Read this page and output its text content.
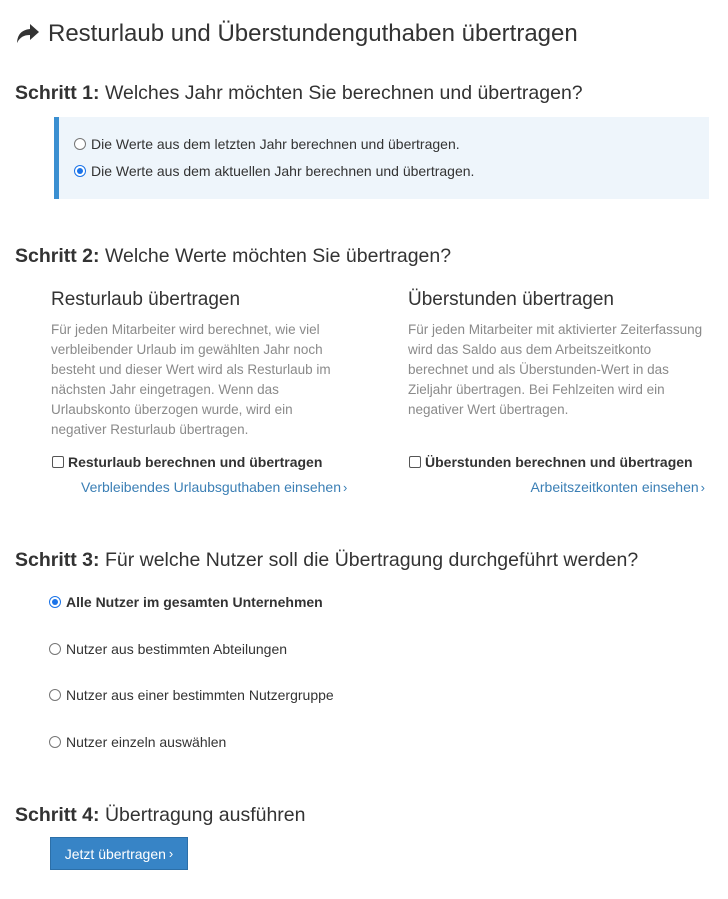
Resturlaub und Überstundenguthaben übertragen
Schritt 1: Welches Jahr möchten Sie berechnen und übertragen?
Die Werte aus dem letzten Jahr berechnen und übertragen.
Die Werte aus dem aktuellen Jahr berechnen und übertragen.
Schritt 2: Welche Werte möchten Sie übertragen?
Resturlaub übertragen
Für jeden Mitarbeiter wird berechnet, wie viel verbleibender Urlaub im gewählten Jahr noch besteht und dieser Wert wird als Resturlaub im nächsten Jahr eingetragen. Wenn das Urlaubskonto überzogen wurde, wird ein negativer Resturlaub übertragen.
Resturlaub berechnen und übertragen
Verbleibendes Urlaubsguthaben einsehen ›
Überstunden übertragen
Für jeden Mitarbeiter mit aktivierter Zeiterfassung wird das Saldo aus dem Arbeitszeitkonto berechnet und als Überstunden-Wert in das Zieljahr übertragen. Bei Fehlzeiten wird ein negativer Wert übertragen.
Überstunden berechnen und übertragen
Arbeitszeitkonten einsehen ›
Schritt 3: Für welche Nutzer soll die Übertragung durchgeführt werden?
Alle Nutzer im gesamten Unternehmen
Nutzer aus bestimmten Abteilungen
Nutzer aus einer bestimmten Nutzergruppe
Nutzer einzeln auswählen
Schritt 4: Übertragung ausführen
Jetzt übertragen ›
